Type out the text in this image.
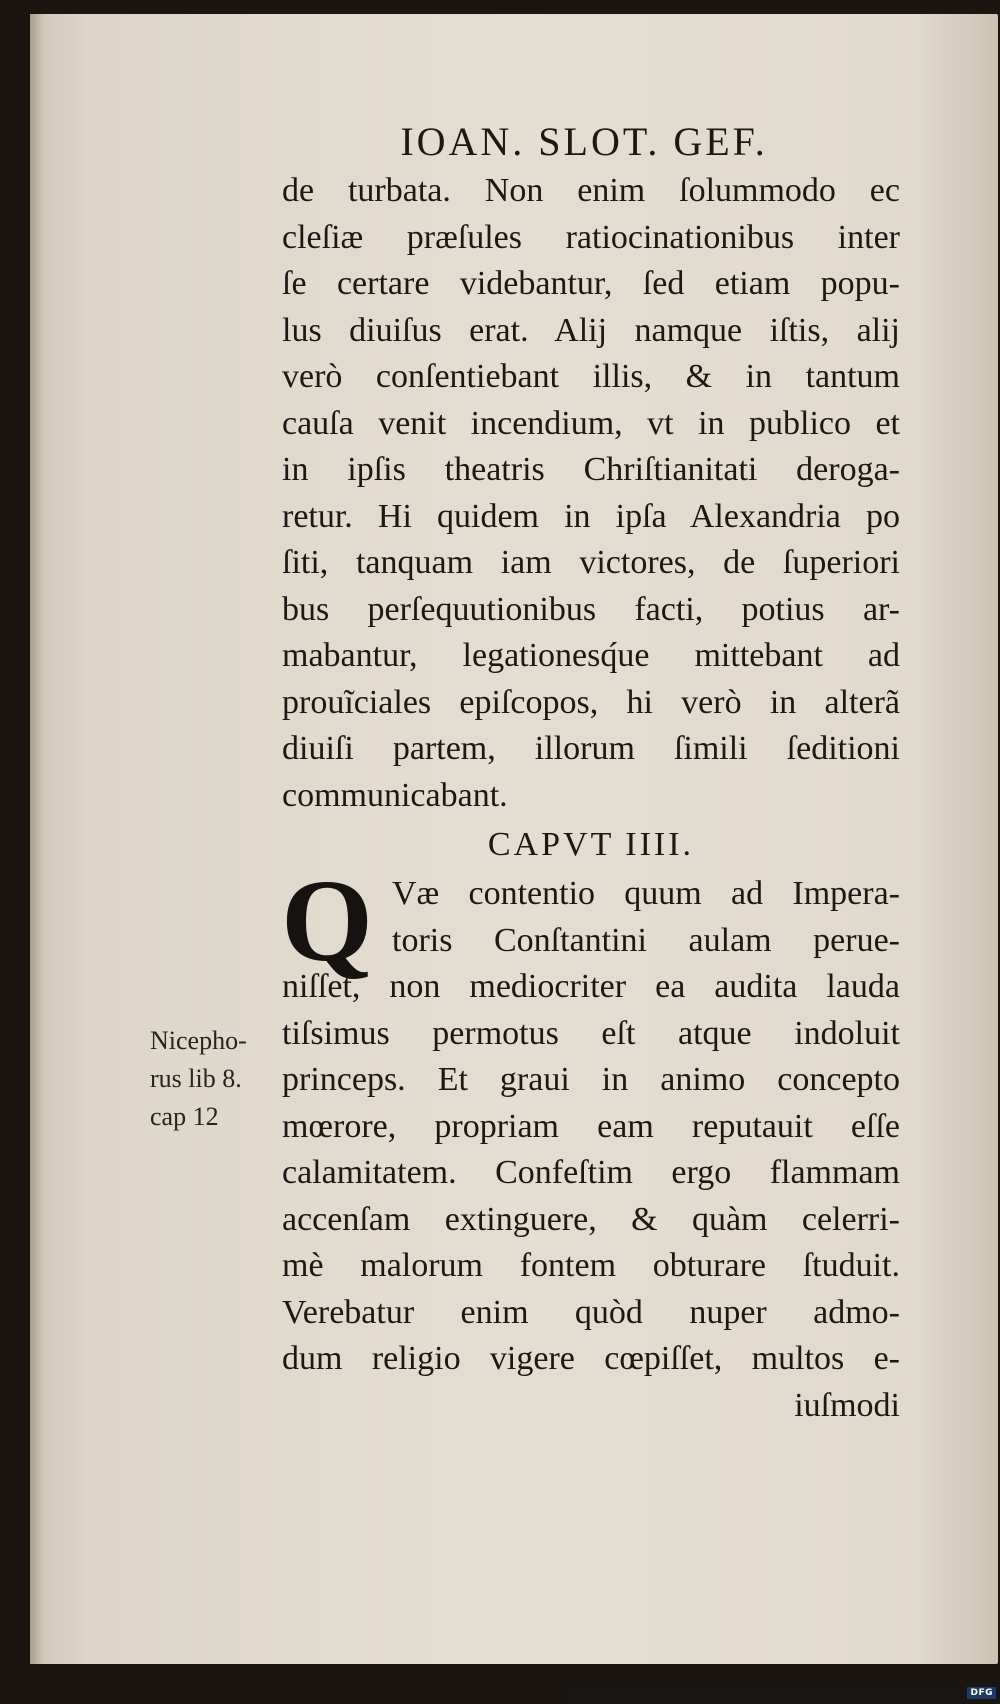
IOAN. SLOT. GEF.
de turbata. Non enim ſolummodo ec
cleſiæ præſules ratiocinationibus inter
ſe certare videbantur, ſed etiam popu-
lus diuiſus erat. Alij namque iſtis, alij
verò conſentiebant illis, & in tantum
cauſa venit incendium, vt in publico et
in ipſis theatris Chriſtianitati deroga-
retur. Hi quidem in ipſa Alexandria po
ſiti, tanquam iam victores, de ſuperiori
bus perſequutionibus facti, potius ar-
mabantur, legationesq́ue mittebant ad
prouĩciales epiſcopos, hi verò in alterã
diuiſi partem, illorum ſimili ſeditioni
communicabant.
CAPVT IIII.
Q Væ contentio quum ad Impera-
toris Conſtantini aulam perue-
niſſet, non mediocriter ea audita lauda
tiſsimus permotus eſt atque indoluit
princeps. Et graui in animo concepto
mœrore, propriam eam reputauit eſſe
calamitatem. Confeſtim ergo flammam
accenſam extinguere, & quàm celerri-
mè malorum fontem obturare ſtuduit.
Verebatur enim quòd nuper admo-
dum religio vigere cœpiſſet, multos e-
iuſmodi
Nicepho-
rus lib 8.
cap 12
Digitalisierung gefördert durch die Deutsche Forschungsgemeinschaft -	DFG
